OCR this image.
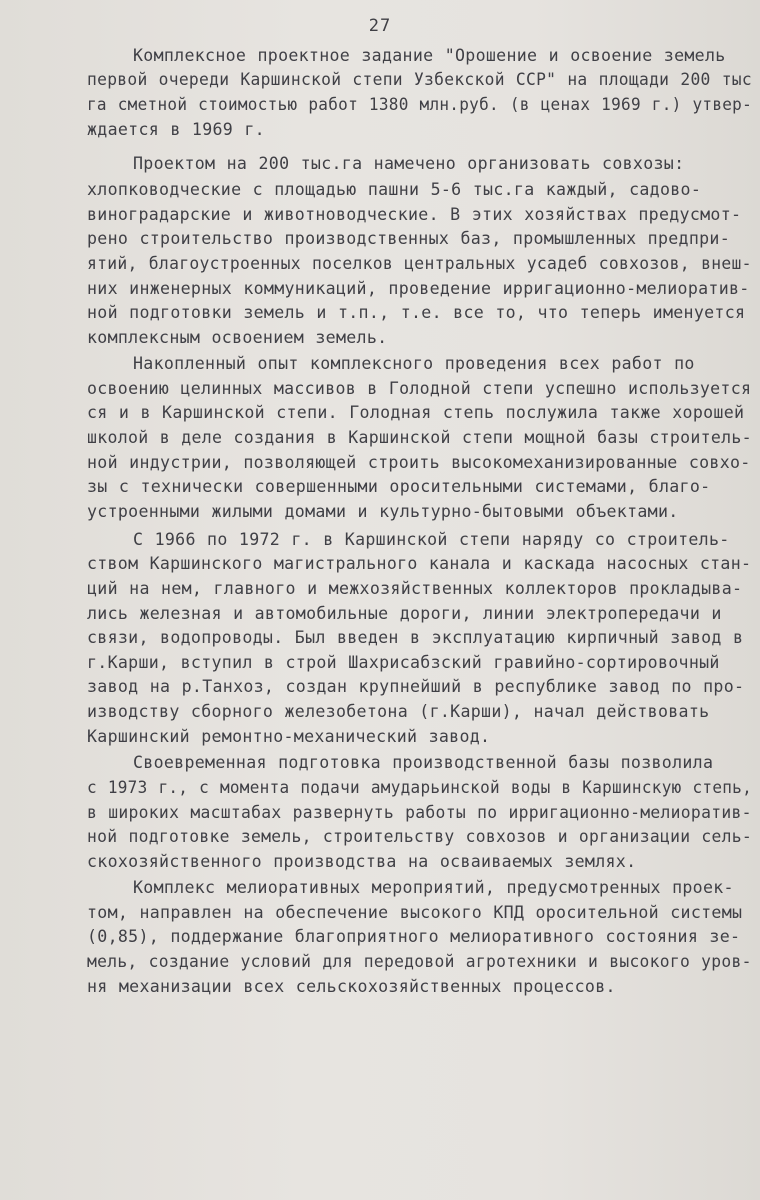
27
Комплексное проектное задание "Орошение и освоение земель
первой очереди Каршинской степи Узбекской ССР" на площади 200 тыс
га сметной стоимостью работ 1380 млн.руб. (в ценах 1969 г.) утвер-
ждается в 1969 г.
Проектом на 200 тыс.га намечено организовать совхозы:
хлопководческие с площадью пашни 5-6 тыс.га каждый, садово-
виноградарские и животноводческие. В этих хозяйствах предусмот-
рено строительство производственных баз, промышленных предпри-
ятий, благоустроенных поселков центральных усадеб совхозов, внеш-
них инженерных коммуникаций, проведение ирригационно-мелиоратив-
ной подготовки земель и т.п., т.е. все то, что теперь именуется
комплексным освоением земель.
Накопленный опыт комплексного проведения всех работ по
освоению целинных массивов в Голодной степи успешно используется
ся и в Каршинской степи. Голодная степь послужила также хорошей
школой в деле создания в Каршинской степи мощной базы строитель-
ной индустрии, позволяющей строить высокомеханизированные совхо-
зы с технически совершенными оросительными системами, благо-
устроенными жилыми домами и культурно-бытовыми объектами.
С 1966 по 1972 г. в Каршинской степи наряду со строитель-
ством Каршинского магистрального канала и каскада насосных стан-
ций на нем, главного и межхозяйственных коллекторов прокладыва-
лись железная и автомобильные дороги, линии электропередачи и
связи, водопроводы. Был введен в эксплуатацию кирпичный завод в
г.Карши, вступил в строй Шахрисабзский гравийно-сортировочный
завод на р.Танхоз, создан крупнейший в республике завод по про-
изводству сборного железобетона (г.Карши), начал действовать
Каршинский ремонтно-механический завод.
Своевременная подготовка производственной базы позволила
с 1973 г., с момента подачи амударьинской воды в Каршинскую степь,
в широких масштабах развернуть работы по ирригационно-мелиоратив-
ной подготовке земель, строительству совхозов и организации сель-
скохозяйственного производства на осваиваемых землях.
Комплекс мелиоративных мероприятий, предусмотренных проек-
том, направлен на обеспечение высокого КПД оросительной системы
(0,85), поддержание благоприятного мелиоративного состояния зе-
мель, создание условий для передовой агротехники и высокого уров-
ня механизации всех сельскохозяйственных процессов.
